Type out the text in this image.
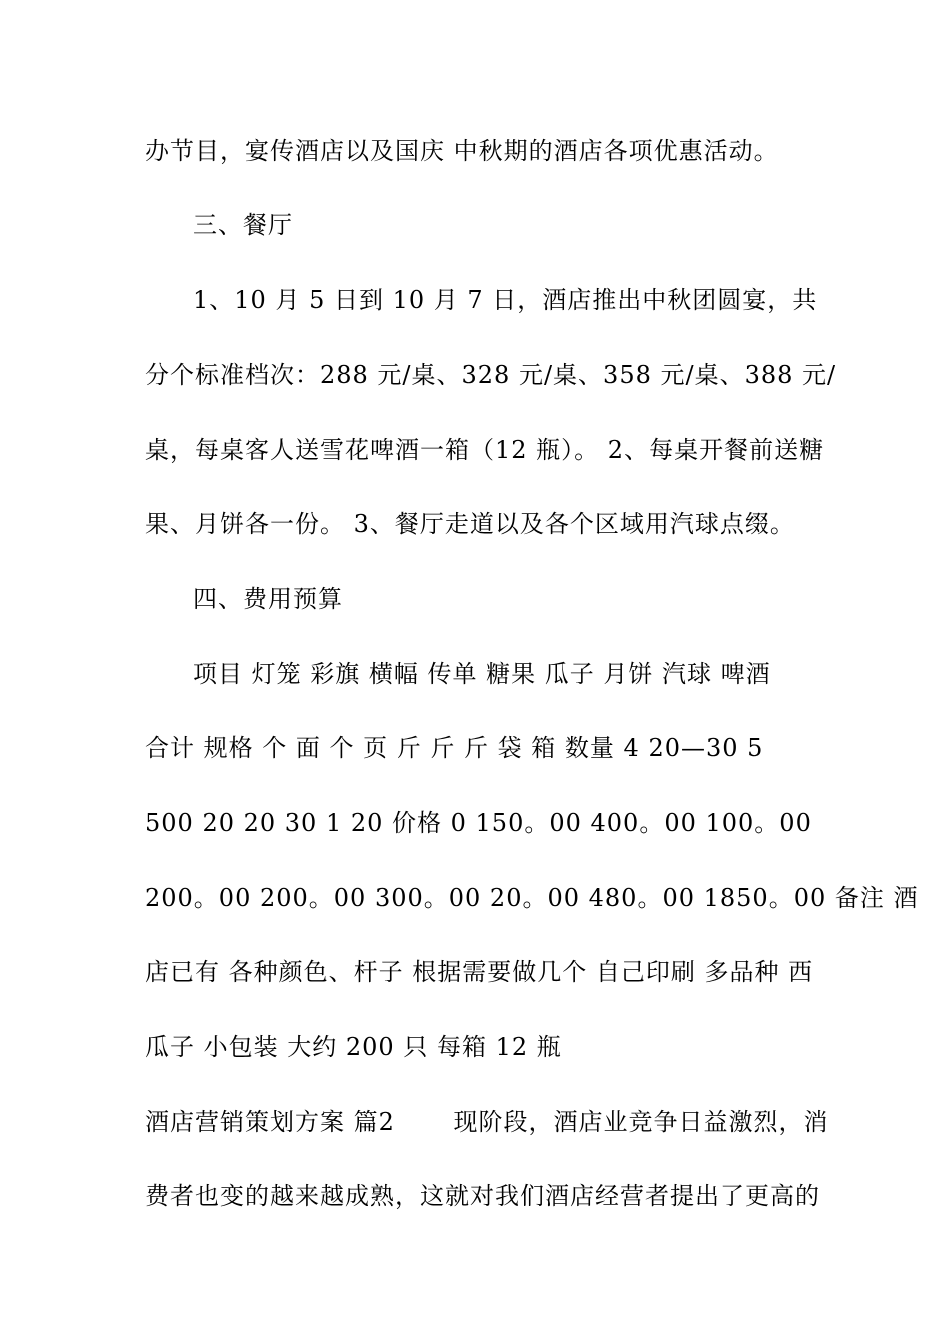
办节目，宴传酒店以及国庆 中秋期的酒店各项优惠活动。
三、餐厅
1、10 月 5 日到 10 月 7 日，酒店推出中秋团圆宴，共
分个标准档次：288 元/桌、328 元/桌、358 元/桌、388 元/
桌，每桌客人送雪花啤酒一箱（12 瓶）。 2、每桌开餐前送糖
果、月饼各一份。 3、餐厅走道以及各个区域用汽球点缀。
四、费用预算
项目 灯笼 彩旗 横幅 传单 糖果 瓜子 月饼 汽球 啤酒
合计 规格 个 面 个 页 斤 斤 斤 袋 箱 数量 4 20—30 5
500 20 20 30 1 20 价格 0 150。00 400。00 100。00
200。00 200。00 300。00 20。00 480。00 1850。00 备注 酒
店已有 各种颜色、杆子 根据需要做几个 自己印刷 多品种 西
瓜子 小包装 大约 200 只 每箱 12 瓶
酒店营销策划方案 篇2　　 现阶段，酒店业竞争日益激烈，消
费者也变的越来越成熟，这就对我们酒店经营者提出了更高的
